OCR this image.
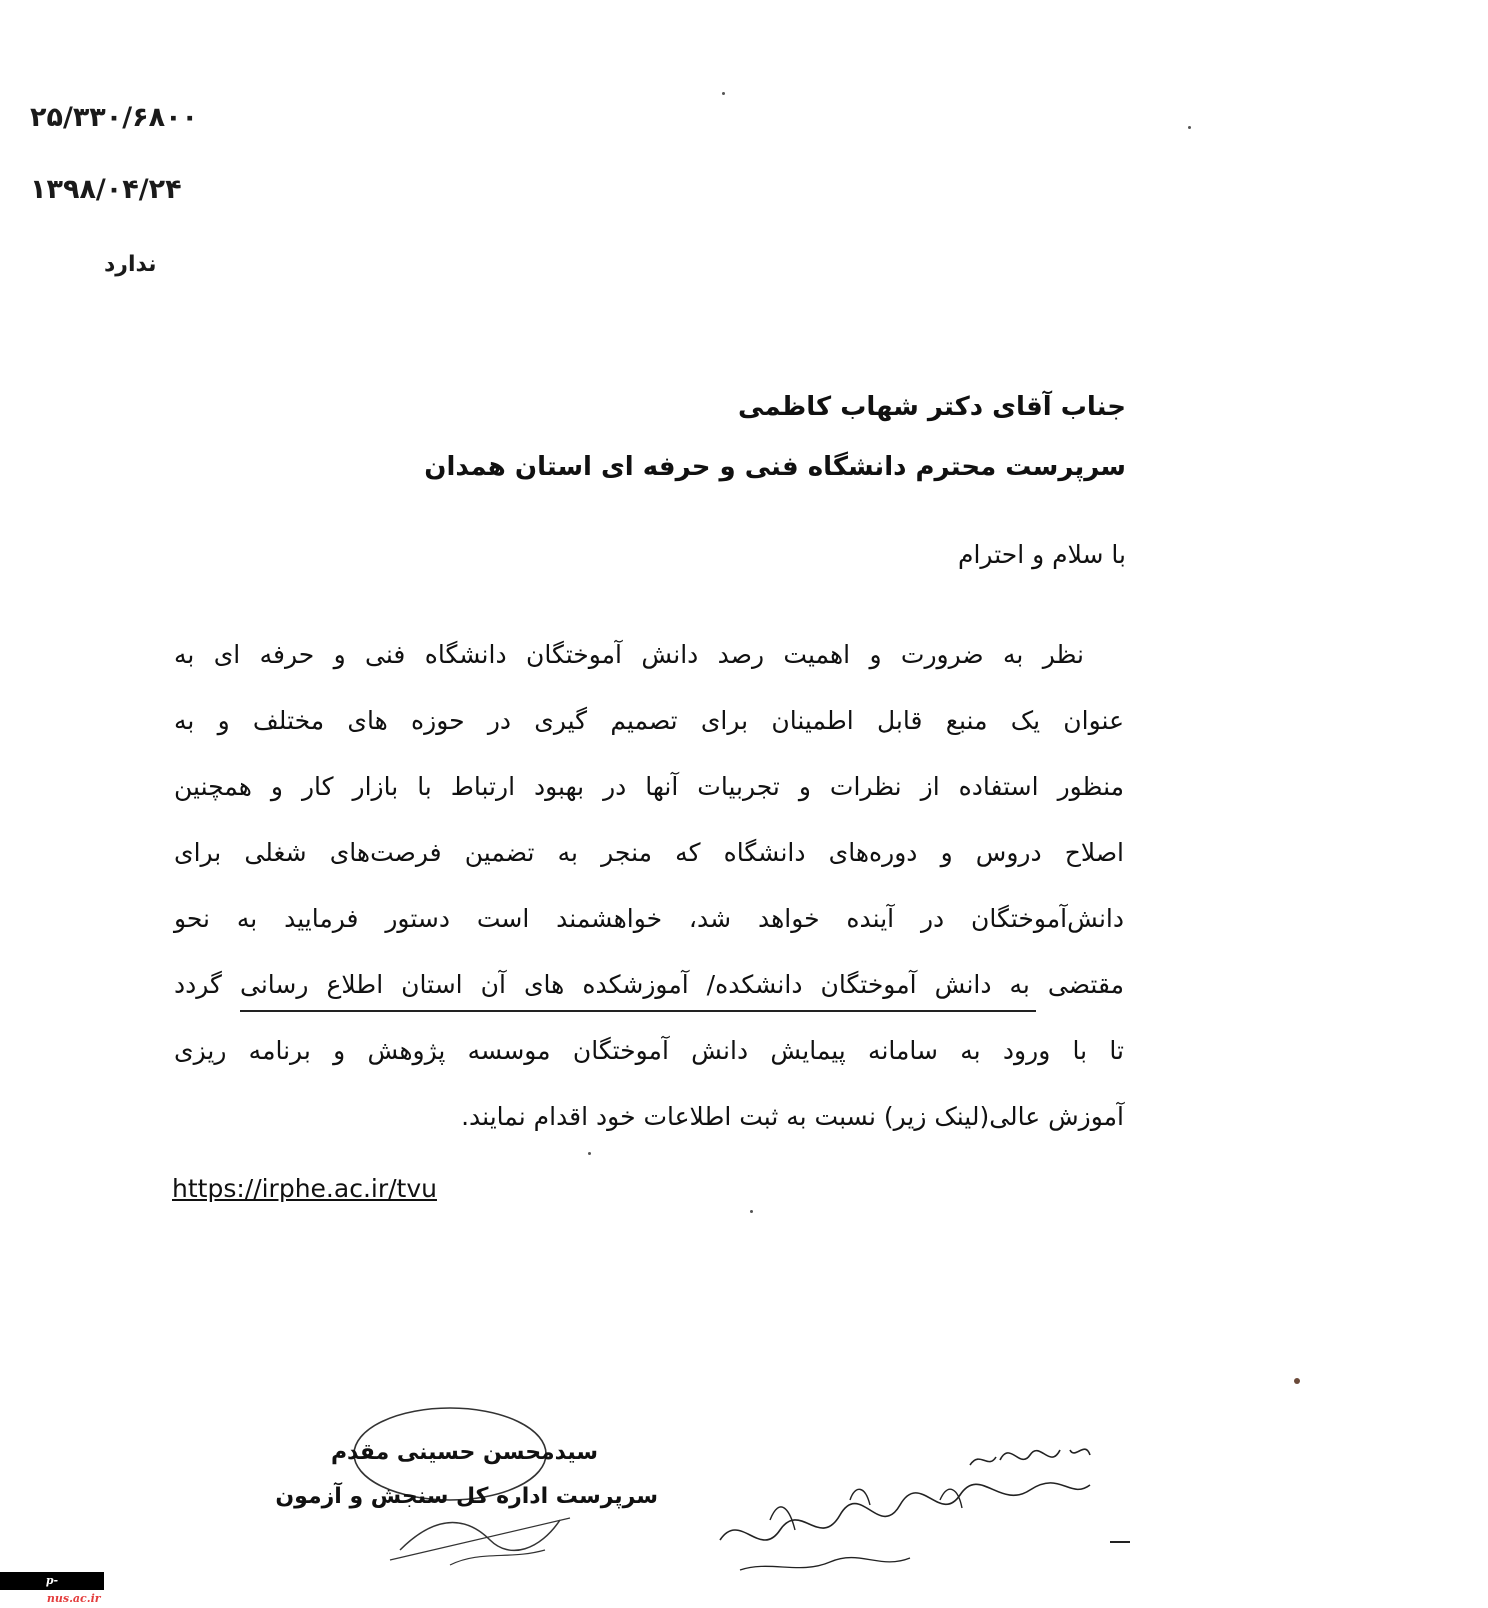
۲۵/۳۳۰/۶۸۰۰
۱۳۹۸/۰۴/۲۴
ندارد
جناب آقای دکتر شهاب کاظمی
سرپرست محترم دانشگاه فنی و حرفه ای استان همدان
با سلام و احترام
نظر به ضرورت و اهمیت رصد دانش آموختگان دانشگاه فنی و حرفه ای به
عنوان یک منبع قابل اطمینان برای تصمیم گیری در حوزه های مختلف و به
منظور استفاده از نظرات و تجربیات آنها در بهبود ارتباط با بازار کار و همچنین
اصلاح دروس و دوره‌های دانشگاه که منجر به تضمین فرصت‌های شغلی برای
دانش‌آموختگان در آینده خواهد شد، خواهشمند است دستور فرمایید به نحو
مقتضی به دانش آموختگان دانشکده/ آموزشکده های آن استان اطلاع رسانی گردد
تا با ورود به سامانه پیمایش دانش آموختگان موسسه پژوهش و برنامه ریزی
آموزش عالی(لینک زیر) نسبت به ثبت اطلاعات خود اقدام نمایند.
https://irphe.ac.ir/tvu
سیدمحسن حسینی مقدم
سرپرست اداره کل سنجش و آزمون
p-jajarm.nus.ac.ir
